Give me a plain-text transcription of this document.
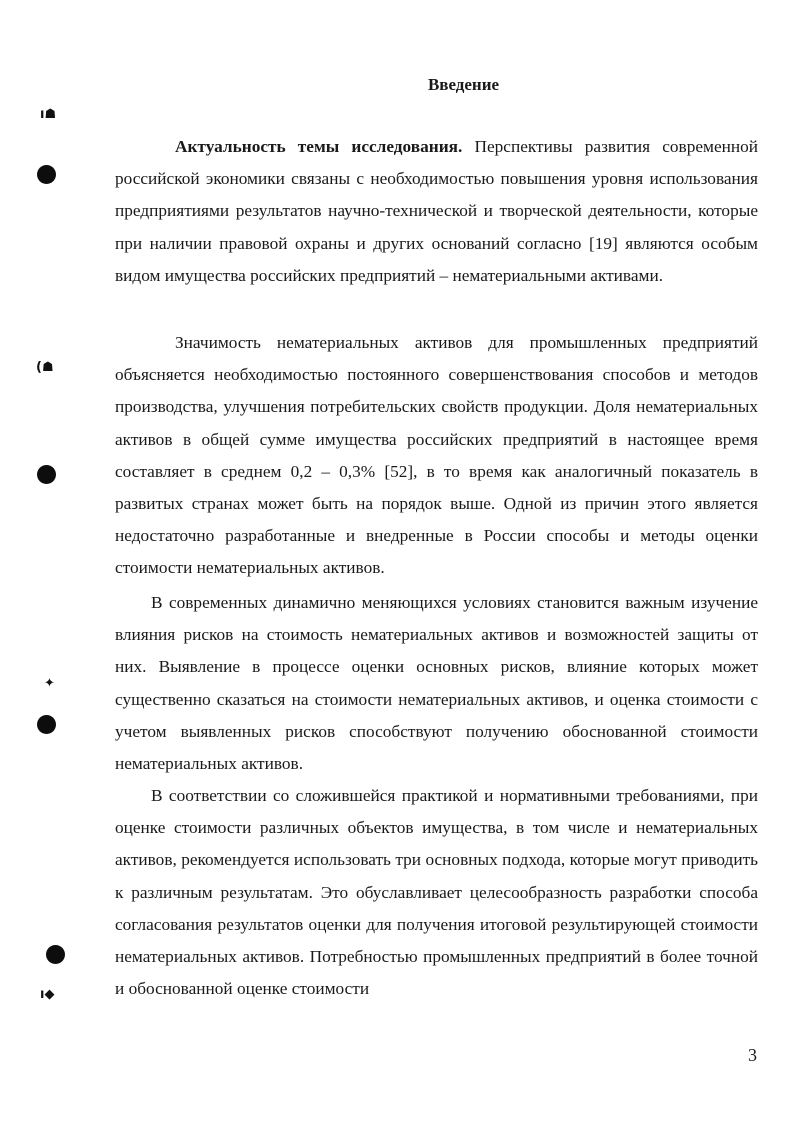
ı☗
(☗
✦
ı◆
Введение

Актуальность темы исследования. Перспективы развития современной российской экономики связаны с необходимостью повышения уровня использования предприятиями результатов научно-технической и творческой деятельности, которые при наличии правовой охраны и других оснований согласно [19] являются особым видом имущества российских предприятий – нематериальными активами.

Значимость нематериальных активов для промышленных предприятий объясняется необходимостью постоянного совершенствования способов и методов производства, улучшения потребительских свойств продукции. Доля нематериальных активов в общей сумме имущества российских предприятий в настоящее время составляет в среднем 0,2 – 0,3% [52], в то время как аналогичный показатель в развитых странах может быть на порядок выше. Одной из причин этого является недостаточно разработанные и внедренные в России способы и методы оценки стоимости нематериальных активов.

В современных динамично меняющихся условиях становится важным изучение влияния рисков на стоимость нематериальных активов и возможностей защиты от них. Выявление в процессе оценки основных рисков, влияние которых может существенно сказаться на стоимости нематериальных активов, и оценка стоимости с учетом выявленных рисков способствуют получению обоснованной стоимости нематериальных активов.

В соответствии со сложившейся практикой и нормативными требованиями, при оценке стоимости различных объектов имущества, в том числе и нематериальных активов, рекомендуется использовать три основных подхода, которые могут приводить к различным результатам. Это обуславливает целесообразность разработки способа согласования результатов оценки для получения итоговой результирующей стоимости нематериальных активов. Потребностью промышленных предприятий в более точной и обоснованной оценке стоимости

3
